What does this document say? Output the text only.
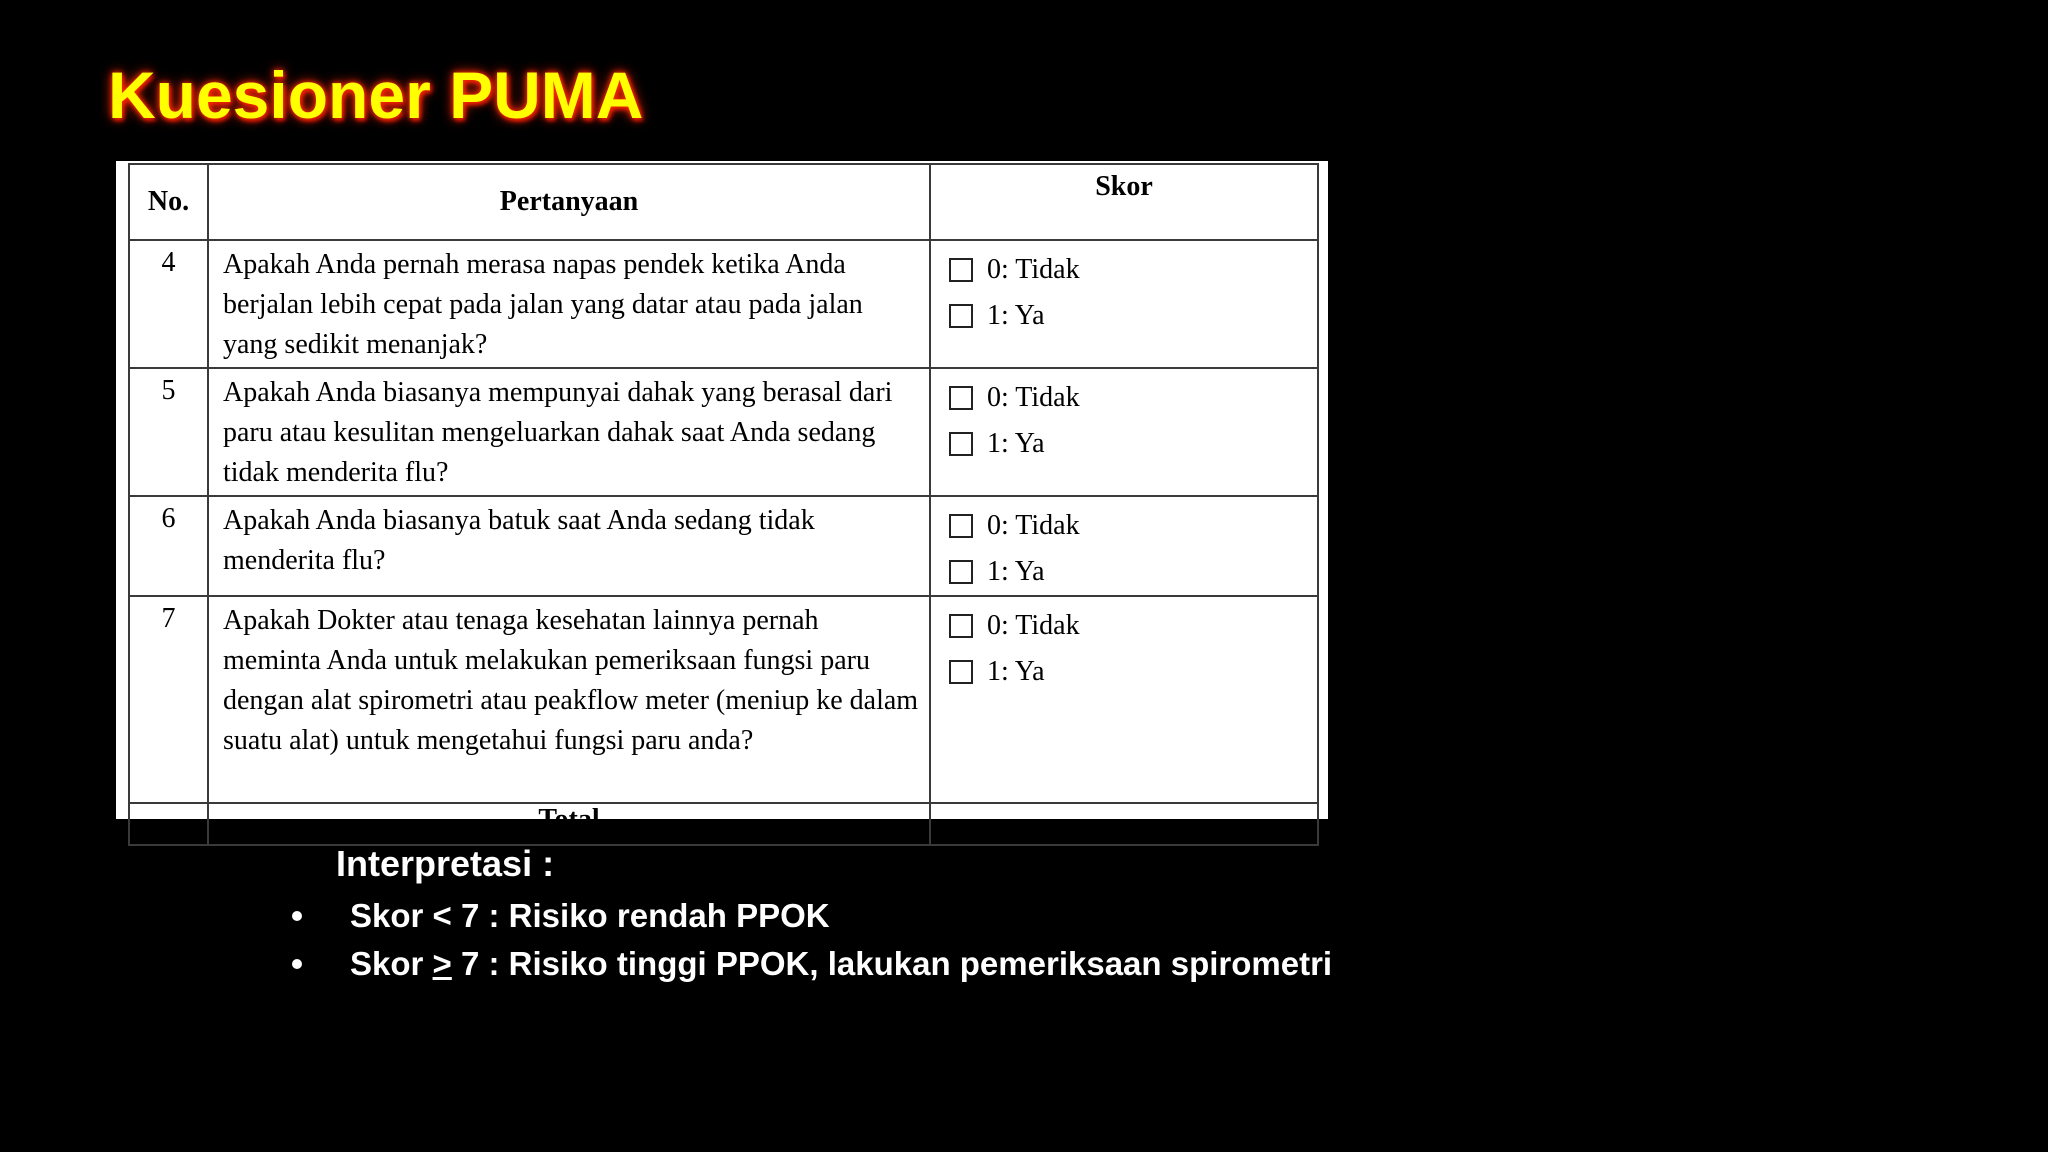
Kuesioner PUMA
No.	Pertanyaan	Skor
4	Apakah Anda pernah merasa napas pendek ketika Anda berjalan lebih cepat pada jalan yang datar atau pada jalan yang sedikit menanjak?	0: Tidak
1: Ya

5	Apakah Anda biasanya mempunyai dahak yang berasal dari paru atau kesulitan mengeluarkan dahak saat Anda sedang tidak menderita flu?	0: Tidak
1: Ya

6	Apakah Anda biasanya batuk saat Anda sedang tidak menderita flu?	0: Tidak
1: Ya

7	Apakah Dokter atau tenaga kesehatan lainnya pernah meminta Anda untuk melakukan pemeriksaan fungsi paru dengan alat spirometri atau peakflow meter (meniup ke dalam suatu alat) untuk mengetahui fungsi paru anda?	0: Tidak
1: Ya

	Total	

Interpretasi :

Skor < 7 : Risiko rendah PPOK
Skor > 7 : Risiko tinggi PPOK, lakukan pemeriksaan spirometri
